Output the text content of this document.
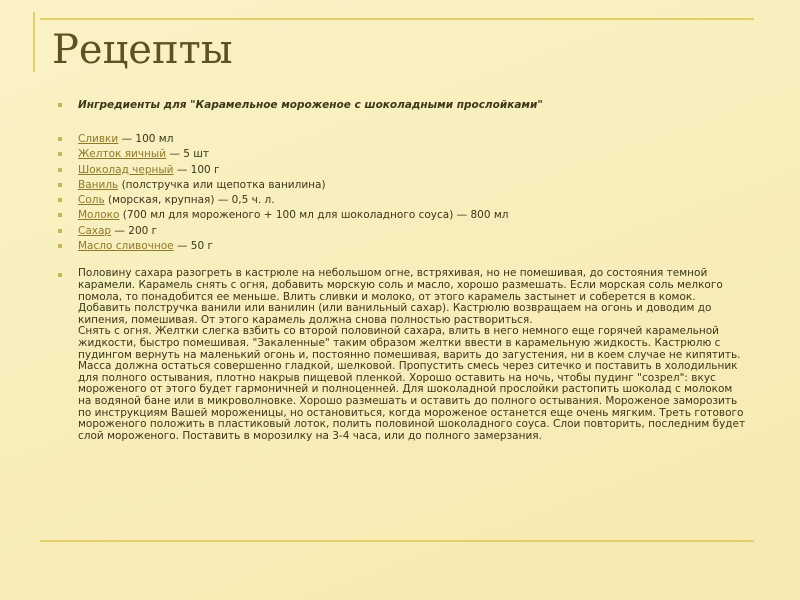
Рецепты
Ингредиенты для "Карамельное мороженое с шоколадными прослойками"
Сливки — 100 мл
Желток яичный — 5 шт
Шоколад черный — 100 г
Ваниль (полстручка или щепотка ванилина)
Соль (морская, крупная) — 0,5 ч. л.
Молоко (700 мл для мороженого + 100 мл для шоколадного соуса) — 800 мл
Сахар — 200 г
Масло сливочное — 50 г

Половину сахара разогреть в кастрюле на небольшом огне, встряхивая, но не помешивая, до состояния темной карамели. Карамель снять с огня, добавить морскую соль и масло, хорошо размешать. Если морская соль мелкого помола, то понадобится ее меньше. Влить сливки и молоко, от этого карамель застынет и соберется в комок.

Добавить полстручка ванили или ванилин (или ванильный сахар). Кастрюлю возвращаем на огонь и доводим до кипения, помешивая. От этого карамель должна снова полностью раствориться.

Снять с огня. Желтки слегка взбить со второй половиной сахара, влить в него немного еще горячей карамельной жидкости, быстро помешивая. "Закаленные" таким образом желтки ввести в карамельную жидкость. Кастрюлю с пудингом вернуть на маленький огонь и, постоянно помешивая, варить до загустения, ни в коем случае не кипятить. Масса должна остаться совершенно гладкой, шелковой. Пропустить смесь через ситечко и поставить в холодильник для полного остывания, плотно накрыв пищевой пленкой. Хорошо оставить на ночь, чтобы пудинг "созрел": вкус мороженого от этого будет гармоничней и полноценней. Для шоколадной прослойки растопить шоколад с молоком на водяной бане или в микроволновке. Хорошо размешать и оставить до полного остывания. Мороженое заморозить по инструкциям Вашей мороженицы, но остановиться, когда мороженое останется еще очень мягким. Треть готового мороженого положить в пластиковый лоток, полить половиной шоколадного соуса. Слои повторить, последним будет слой мороженого. Поставить в морозилку на 3-4 часа, или до полного замерзания.
